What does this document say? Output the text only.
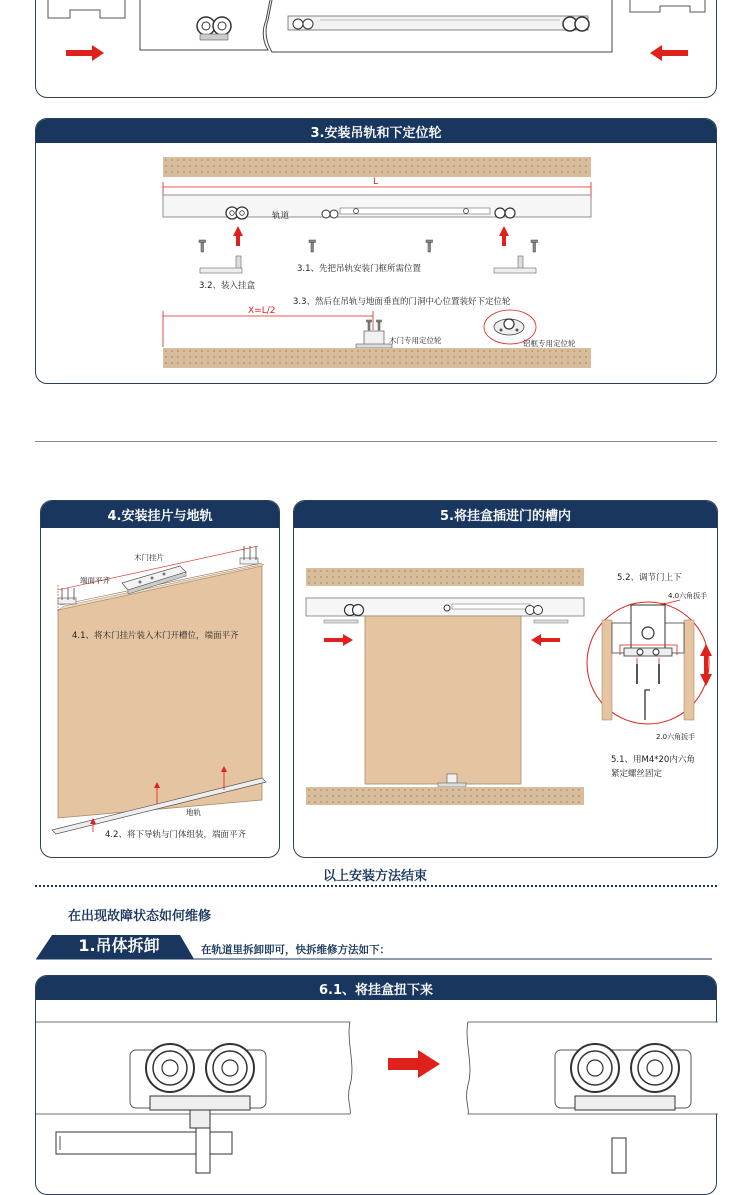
3.安装吊轨和下定位轮
L
轨道
3.1、先把吊轨安装门框所需位置
3.2、装入挂盒
3.3、然后在吊轨与地面垂直的门洞中心位置装好下定位轮
X=L/2
木门专用定位轮	铝框专用定位轮
4.安装挂片与地轨
木门挂片
端面平齐
4.1、将木门挂片装入木门开槽位，端面平齐
地轨
4.2、将下导轨与门体组装，端面平齐
5.将挂盒插进门的槽内
5.2、调节门上下
4.0六角扳手
2.0六角扳手
5.1、用M4*20内六角
紧定螺丝固定
以上安装方法结束
在出现故障状态如何维修
1.吊体拆卸	在轨道里拆卸即可，快拆维修方法如下：
6.1、将挂盒扭下来
